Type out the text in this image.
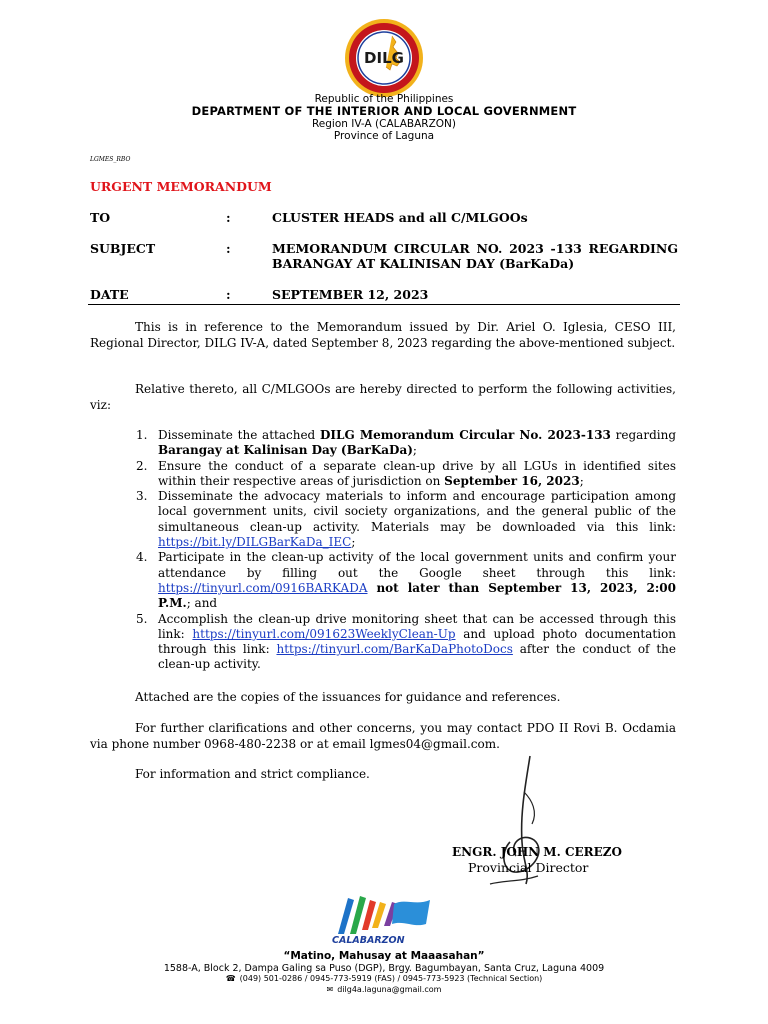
DILG
Republic of the Philippines
DEPARTMENT OF THE INTERIOR AND LOCAL GOVERNMENT
Region IV-A (CALABARZON)
Province of Laguna
LGMES_RBO
URGENT MEMORANDUM
TO	:	CLUSTER HEADS and all C/MLGOOs
SUBJECT	:	MEMORANDUM CIRCULAR NO. 2023 -133 REGARDING BARANGAY AT KALINISAN DAY (BarKaDa)
DATE	:	SEPTEMBER 12, 2023
This is in reference to the Memorandum issued by Dir. Ariel O. Iglesia, CESO III, Regional Director, DILG IV-A, dated September 8, 2023 regarding the above-mentioned subject.
Relative thereto, all C/MLGOOs are hereby directed to perform the following activities, viz:
1. Disseminate the attached DILG Memorandum Circular No. 2023-133 regarding Barangay at Kalinisan Day (BarKaDa);
2. Ensure the conduct of a separate clean-up drive by all LGUs in identified sites within their respective areas of jurisdiction on September 16, 2023;
3. Disseminate the advocacy materials to inform and encourage participation among local government units, civil society organizations, and the general public of the simultaneous clean-up activity. Materials may be downloaded via this link: https://bit.ly/DILGBarKaDa_IEC;
4. Participate in the clean-up activity of the local government units and confirm your attendance by filling out the Google sheet through this link: https://tinyurl.com/0916BARKADA not later than September 13, 2023, 2:00 P.M.; and
5. Accomplish the clean-up drive monitoring sheet that can be accessed through this link: https://tinyurl.com/091623WeeklyClean-Up and upload photo documentation through this link: https://tinyurl.com/BarKaDaPhotoDocs after the conduct of the clean-up activity.
Attached are the copies of the issuances for guidance and references.
For further clarifications and other concerns, you may contact PDO II Rovi B. Ocdamia via phone number 0968-480-2238 or at email lgmes04@gmail.com.
For information and strict compliance.
ENGR. JOHN M. CEREZO
Provincial Director
CALABARZON
“Matino, Mahusay at Maaasahan”
1588-A, Block 2, Dampa Galing sa Puso (DGP), Brgy. Bagumbayan, Santa Cruz, Laguna 4009
☎ (049) 501-0286 / 0945-773-5919 (FAS) / 0945-773-5923 (Technical Section)
✉ dilg4a.laguna@gmail.com
